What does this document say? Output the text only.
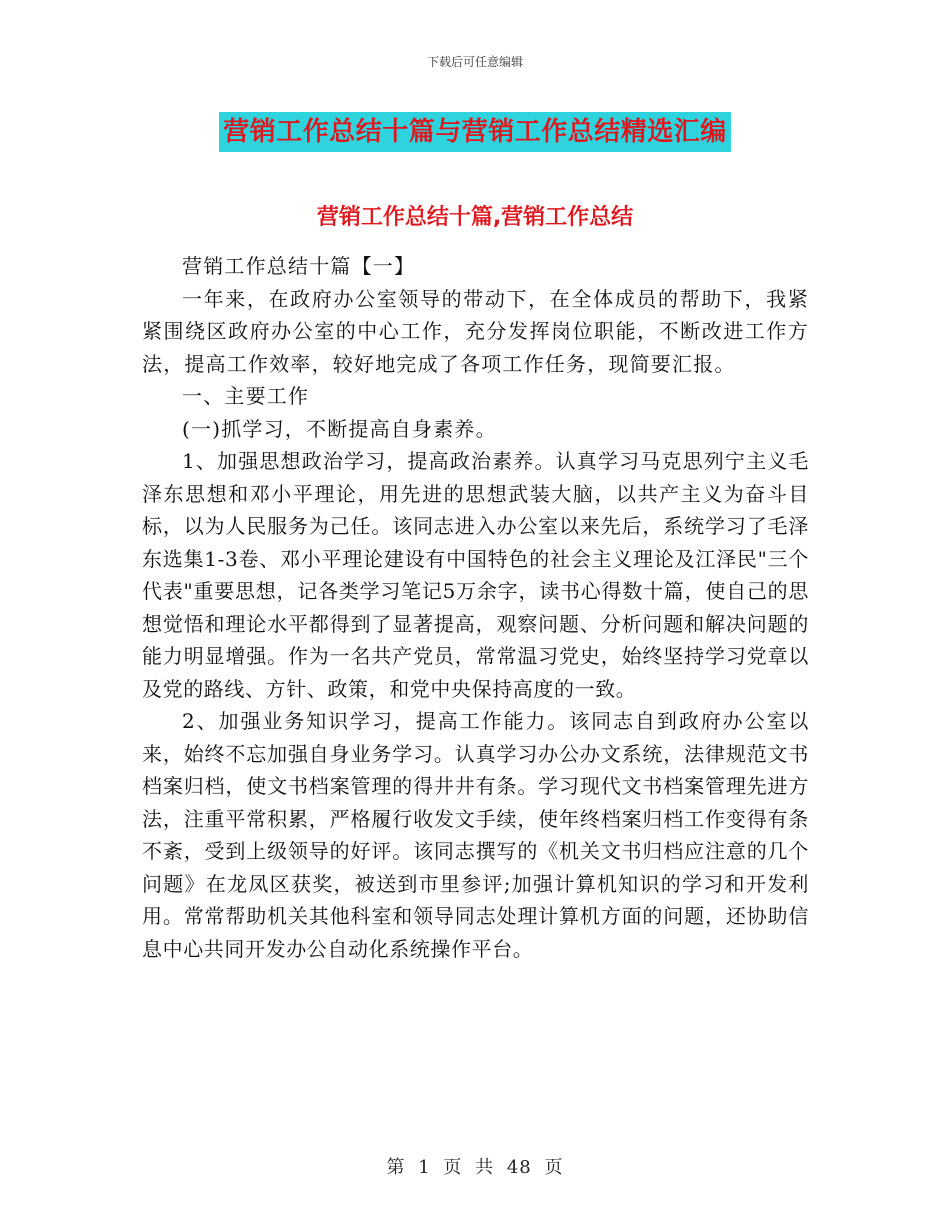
下载后可任意编辑
营销工作总结十篇与营销工作总结精选汇编
营销工作总结十篇,营销工作总结

营销工作总结十篇【一】

一年来，在政府办公室领导的带动下，在全体成员的帮助下，我紧紧围绕区政府办公室的中心工作，充分发挥岗位职能，不断改进工作方法，提高工作效率，较好地完成了各项工作任务，现简要汇报。

一、主要工作

(一)抓学习，不断提高自身素养。

1、加强思想政治学习，提高政治素养。认真学习马克思列宁主义毛泽东思想和邓小平理论，用先进的思想武装大脑，以共产主义为奋斗目标，以为人民服务为己任。该同志进入办公室以来先后，系统学习了毛泽东选集1-3卷、邓小平理论建设有中国特色的社会主义理论及江泽民"三个代表"重要思想，记各类学习笔记5万余字，读书心得数十篇，使自己的思想觉悟和理论水平都得到了显著提高，观察问题、分析问题和解决问题的能力明显增强。作为一名共产党员，常常温习党史，始终坚持学习党章以及党的路线、方针、政策，和党中央保持高度的一致。

2、加强业务知识学习，提高工作能力。该同志自到政府办公室以来，始终不忘加强自身业务学习。认真学习办公办文系统，法律规范文书档案归档，使文书档案管理的得井井有条。学习现代文书档案管理先进方法，注重平常积累，严格履行收发文手续，使年终档案归档工作变得有条不紊，受到上级领导的好评。该同志撰写的《机关文书归档应注意的几个问题》在龙凤区获奖，被送到市里参评;加强计算机知识的学习和开发利用。常常帮助机关其他科室和领导同志处理计算机方面的问题，还协助信息中心共同开发办公自动化系统操作平台。

第 1 页 共 48 页
